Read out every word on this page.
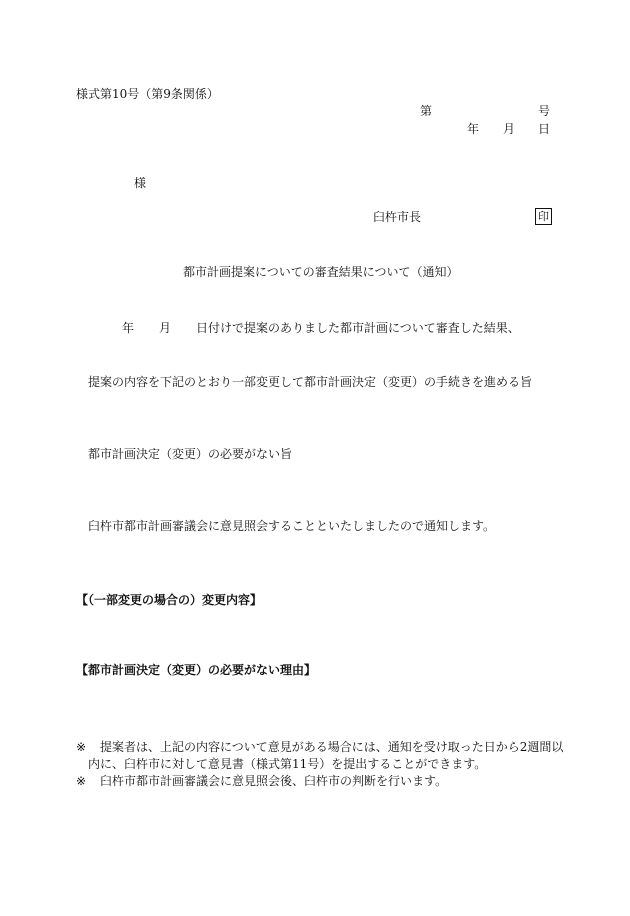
様式第10号（第9条関係）
第	号
年 月 日
様
臼杵市長	印
都市計画提案についての審査結果について（通知）
年 月 日付けで提案のありました都市計画について審査した結果、
提案の内容を下記のとおり一部変更して都市計画決定（変更）の手続きを進める旨
都市計画決定（変更）の必要がない旨
臼杵市都市計画審議会に意見照会することといたしましたので通知します。
【（一部変更の場合の）変更内容】
【都市計画決定（変更）の必要がない理由】
※ 提案者は、上記の内容について意見がある場合には、通知を受け取った日から2週間以
内に、臼杵市に対して意見書（様式第11号）を提出することができます。
※ 臼杵市都市計画審議会に意見照会後、臼杵市の判断を行います。
